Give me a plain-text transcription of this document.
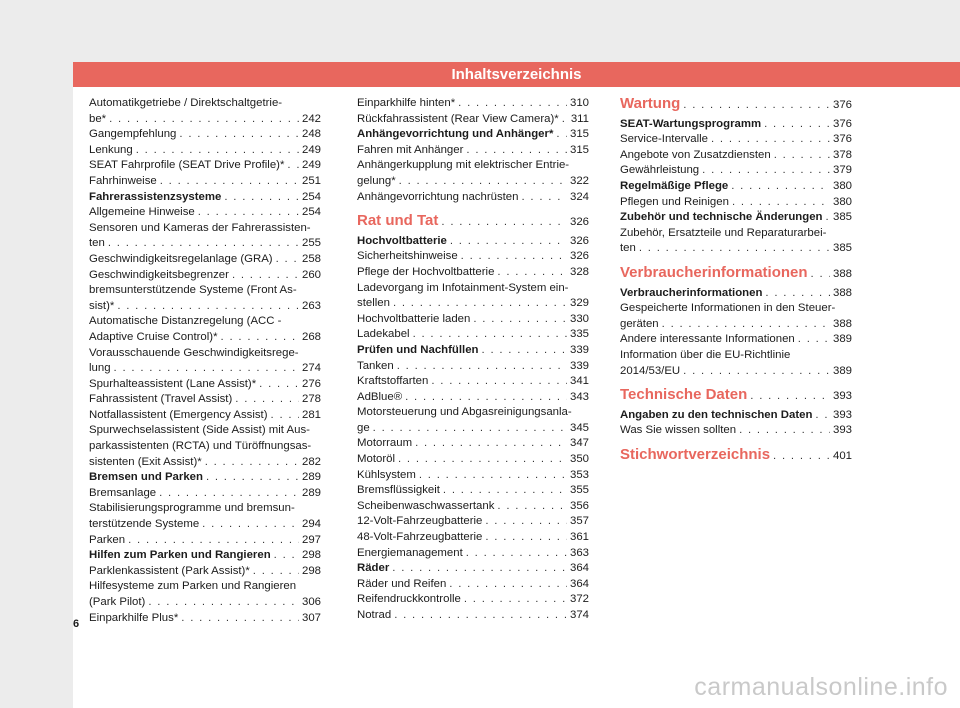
Inhaltsverzeichnis
Automatikgetriebe / Direktschaltgetrie-
be* . . .	242
Gangempfehlung . . .	248
Lenkung . . .	249
SEAT Fahrprofile (SEAT Drive Profile)* . . . 249
Fahrhinweise . . .	251
Fahrerassistenzsysteme . . .	254
Allgemeine Hinweise . . .	254
Sensoren und Kameras der Fahrerassisten-
ten . . .	255
Geschwindigkeitsregelanlage (GRA) . . .	258
Geschwindigkeitsbegrenzer . . .	260
bremsunterstützende Systeme (Front As-
sist)* . . .	263
Automatische Distanzregelung (ACC -
Adaptive Cruise Control)* . . .	268
Vorausschauende Geschwindigkeitsrege-
lung . . .	274
Spurhalteassistent (Lane Assist)* . . .	276
Fahrassistent (Travel Assist) . . .	278
Notfallassistent (Emergency Assist) . . .	281
Spurwechselassistent (Side Assist) mit Aus-
parkassistenten (RCTA) und Türöffnungsas-
sistenten (Exit Assist)* . . .	282
Bremsen und Parken . . .	289
Bremsanlage . . .	289
Stabilisierungsprogramme und bremsun-
terstützende Systeme . . .	294
Parken . . .	297
Hilfen zum Parken und Rangieren . . .	298
Parklenkassistent (Park Assist)* . . .	298
Hilfesysteme zum Parken und Rangieren
(Park Pilot) . . .	306
Einparkhilfe Plus* . . .	307
Einparkhilfe hinten* . . .	310
Rückfahrassistent (Rear View Camera)* . . . 311
Anhängevorrichtung und Anhänger* . . . 315
Fahren mit Anhänger . . .	315
Anhängerkupplung mit elektrischer Entrie-
gelung* . . .	322
Anhängevorrichtung nachrüsten . . .	324
Rat und Tat . . .	326
Hochvoltbatterie . . .	326
Sicherheitshinweise . . .	326
Pflege der Hochvoltbatterie . . .	328
Ladevorgang im Infotainment-System ein-
stellen . . .	329
Hochvoltbatterie laden . . .	330
Ladekabel . . .	335
Prüfen und Nachfüllen . . .	339
Tanken . . .	339
Kraftstoffarten . . .	341
AdBlue® . . .	343
Motorsteuerung und Abgasreinigungsanla-
ge . . .	345
Motorraum . . .	347
Motoröl . . .	350
Kühlsystem . . .	353
Bremsflüssigkeit . . .	355
Scheibenwaschwassertank . . .	356
12-Volt-Fahrzeugbatterie . . .	357
48-Volt-Fahrzeugbatterie . . .	361
Energiemanagement . . .	363
Räder . . .	364
Räder und Reifen . . .	364
Reifendruckkontrolle . . .	372
Notrad . . .	374
Wartung . . .	376
SEAT-Wartungsprogramm . . .	376
Service-Intervalle . . .	376
Angebote von Zusatzdiensten . . .	378
Gewährleistung . . .	379
Regelmäßige Pflege . . .	380
Pflegen und Reinigen . . .	380
Zubehör und technische Änderungen . . . 385
Zubehör, Ersatzteile und Reparaturarbei-
ten . . .	385
Verbraucherinformationen . . . 388
Verbraucherinformationen . . .	388
Gespeicherte Informationen in den Steuer-
geräten . . .	388
Andere interessante Informationen . . .	389
Information über die EU-Richtlinie
2014/53/EU . . .	389
Technische Daten . . .	393
Angaben zu den technischen Daten . . . 393
Was Sie wissen sollten . . .	393
Stichwortverzeichnis . . .	401
6
carmanualsonline.info
